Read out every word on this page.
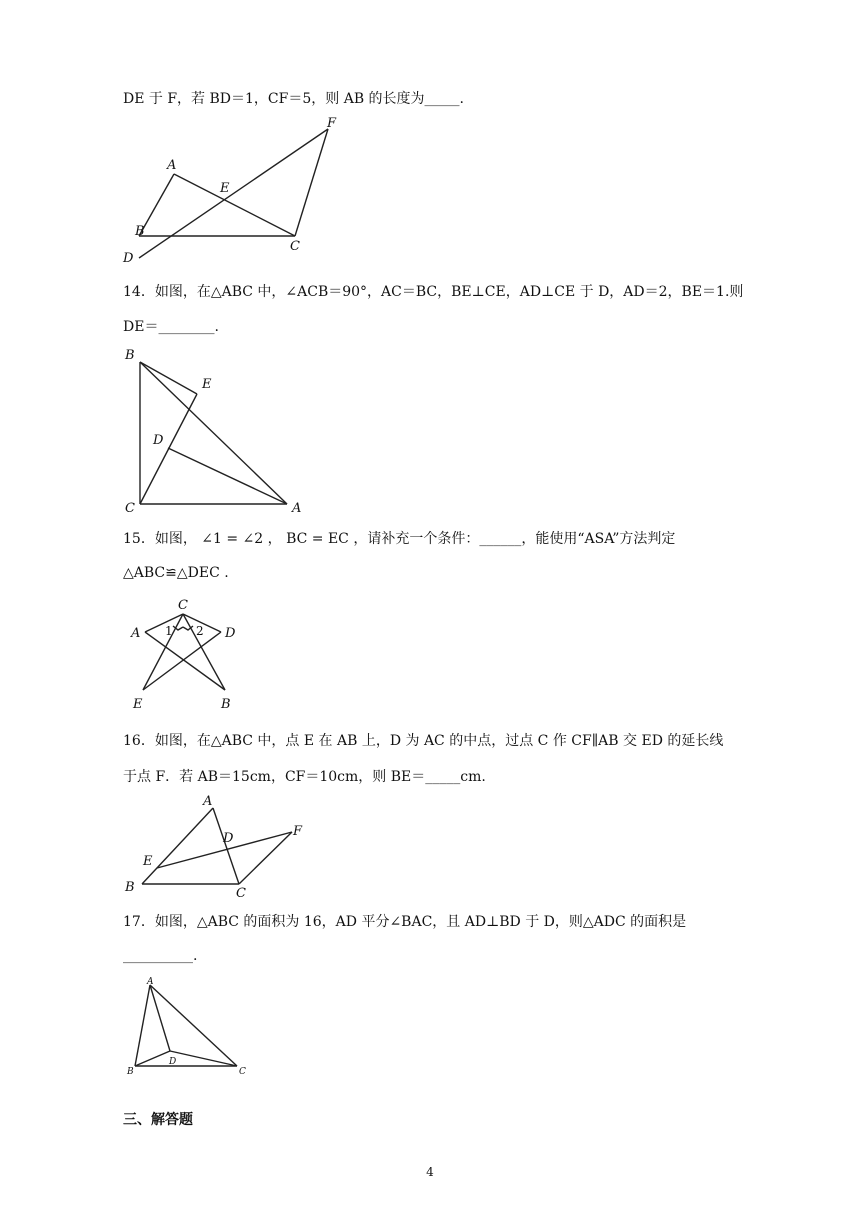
DE 于 F，若 BD＝1，CF＝5，则 AB 的长度为_____.
A
B
C
D
E
F
14．如图，在△ABC 中，∠ACB＝90°，AC＝BC，BE⊥CE，AD⊥CE 于 D，AD＝2，BE＝1.则
DE＝________.
B
E
D
C	A
15．如图， ∠1 = ∠2 ， BC = EC ，请补充一个条件：______，能使用“ASA”方法判定
△ABC≌△DEC .
C
A	D
E	B
1 2
16．如图，在△ABC 中，点 E 在 AB 上，D 为 AC 的中点，过点 C 作 CF∥AB 交 ED 的延长线
于点 F．若 AB＝15cm，CF＝10cm，则 BE＝_____cm.
A
D	F
E
B	C
17．如图，△ABC 的面积为 16，AD 平分∠BAC，且 AD⊥BD 于 D，则△ADC 的面积是
__________.
A
B
D
C
三、解答题
4
